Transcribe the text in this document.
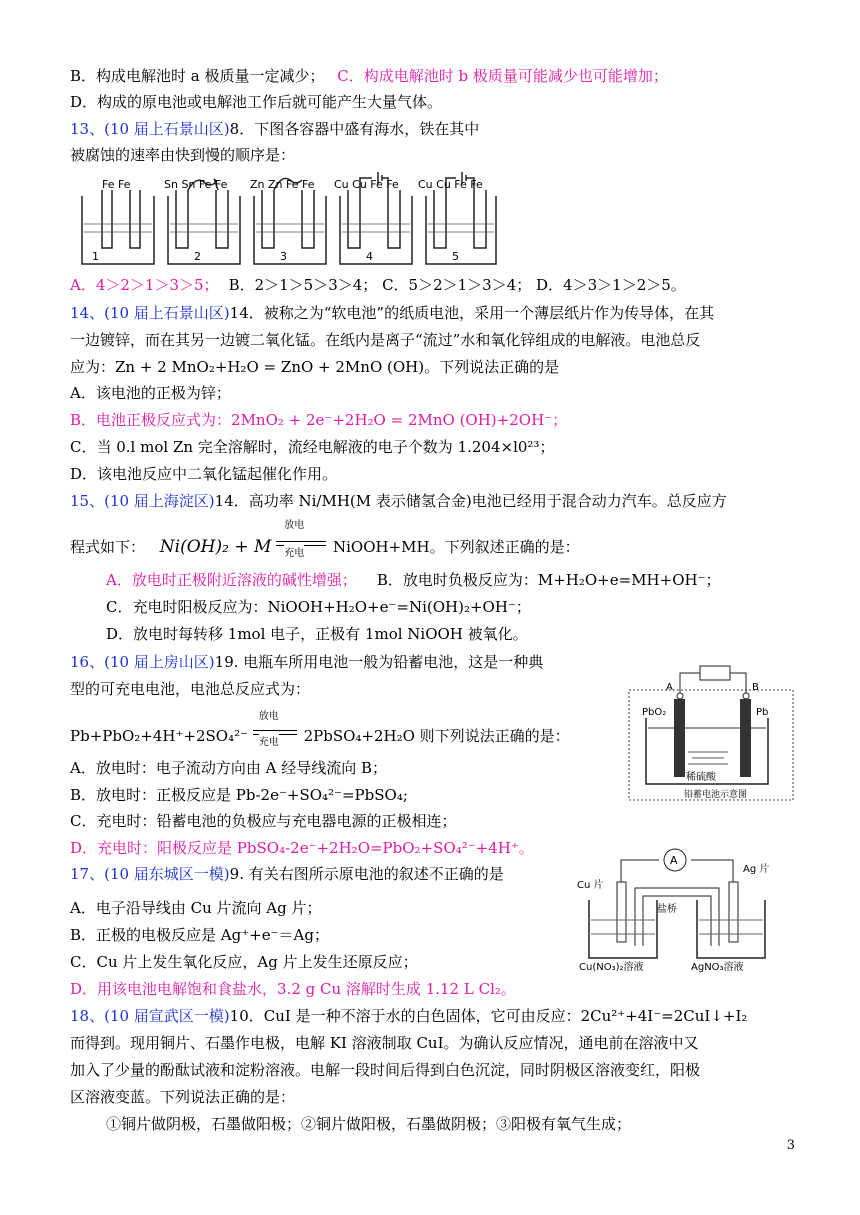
B．构成电解池时 a 极质量一定减少； C．构成电解池时 b 极质量可能减少也可能增加；
D．构成的原电池或电解池工作后就可能产生大量气体。
13、(10 届上石景山区)8．下图各容器中盛有海水，铁在其中
被腐蚀的速率由快到慢的顺序是：
Fe Fe	Sn Sn Fe Fe Zn Zn Fe Fe Cu Cu Fe Fe Cu Cu Fe Fe
1	2	3	4	5
A．4＞2＞1＞3＞5； B．2＞1＞5＞3＞4； C．5＞2＞1＞3＞4； D．4＞3＞1＞2＞5。
14、(10 届上石景山区)14．被称之为“软电池”的纸质电池，采用一个薄层纸片作为传导体，在其
一边镀锌，而在其另一边镀二氧化锰。在纸内是离子“流过”水和氧化锌组成的电解液。电池总反
应为：Zn + 2 MnO₂+H₂O = ZnO + 2MnO (OH)。下列说法正确的是
A．该电池的正极为锌；
B．电池正极反应式为：2MnO₂ + 2e⁻+2H₂O = 2MnO (OH)+2OH⁻；
C．当 0.l mol Zn 完全溶解时，流经电解液的电子个数为 1.204×l0²³；
D．该电池反应中二氧化锰起催化作用。
15、(10 届上海淀区)14．高功率 Ni/MH(M 表示储氢合金)电池已经用于混合动力汽车。总反应方
程式如下： Ni(OH)₂ + M
放电
充电 NiOOH+MH。下列叙述正确的是：
A．放电时正极附近溶液的碱性增强； B．放电时负极反应为：M+H₂O+e=MH+OH⁻；
C．充电时阳极反应为：NiOOH+H₂O+e⁻=Ni(OH)₂+OH⁻；
D．放电时每转移 1mol 电子，正极有 1mol NiOOH 被氧化。
16、(10 届上房山区)19. 电瓶车所用电池一般为铅蓄电池，这是一种典
型的可充电电池，电池总反应式为：
Pb+PbO₂+4H⁺+2SO₄²⁻
放电
充电 2PbSO₄+2H₂O 则下列说法正确的是：
A．放电时：电子流动方向由 A 经导线流向 B；
B．放电时：正极反应是 Pb-2e⁻+SO₄²⁻=PbSO₄;
C．充电时：铅蓄电池的负极应与充电器电源的正极相连；
D．充电时：阳极反应是 PbSO₄-2e⁻+2H₂O=PbO₂+SO₄²⁻+4H⁺。
A	B
PbO₂	Pb
稀硫酸
铅蓄电池示意图
17、(10 届东城区一模)9. 有关右图所示原电池的叙述不正确的是
A．电子沿导线由 Cu 片流向 Ag 片；
B．正极的电极反应是 Ag⁺+e⁻＝Ag；
C．Cu 片上发生氧化反应，Ag 片上发生还原反应；
D．用该电池电解饱和食盐水，3.2 g Cu 溶解时生成 1.12 L Cl₂。
A
Cu 片
Ag 片
盐桥
Cu(NO₃)₂溶液	AgNO₃溶液
18、(10 届宣武区一模)10．CuI 是一种不溶于水的白色固体，它可由反应：2Cu²⁺+4I⁻=2CuI↓+I₂
而得到。现用铜片、石墨作电极，电解 KI 溶液制取 CuI。为确认反应情况，通电前在溶液中又
加入了少量的酚酞试液和淀粉溶液。电解一段时间后得到白色沉淀，同时阴极区溶液变红，阳极
区溶液变蓝。下列说法正确的是：
①铜片做阴极，石墨做阳极；②铜片做阳极，石墨做阴极；③阳极有氧气生成；
3
